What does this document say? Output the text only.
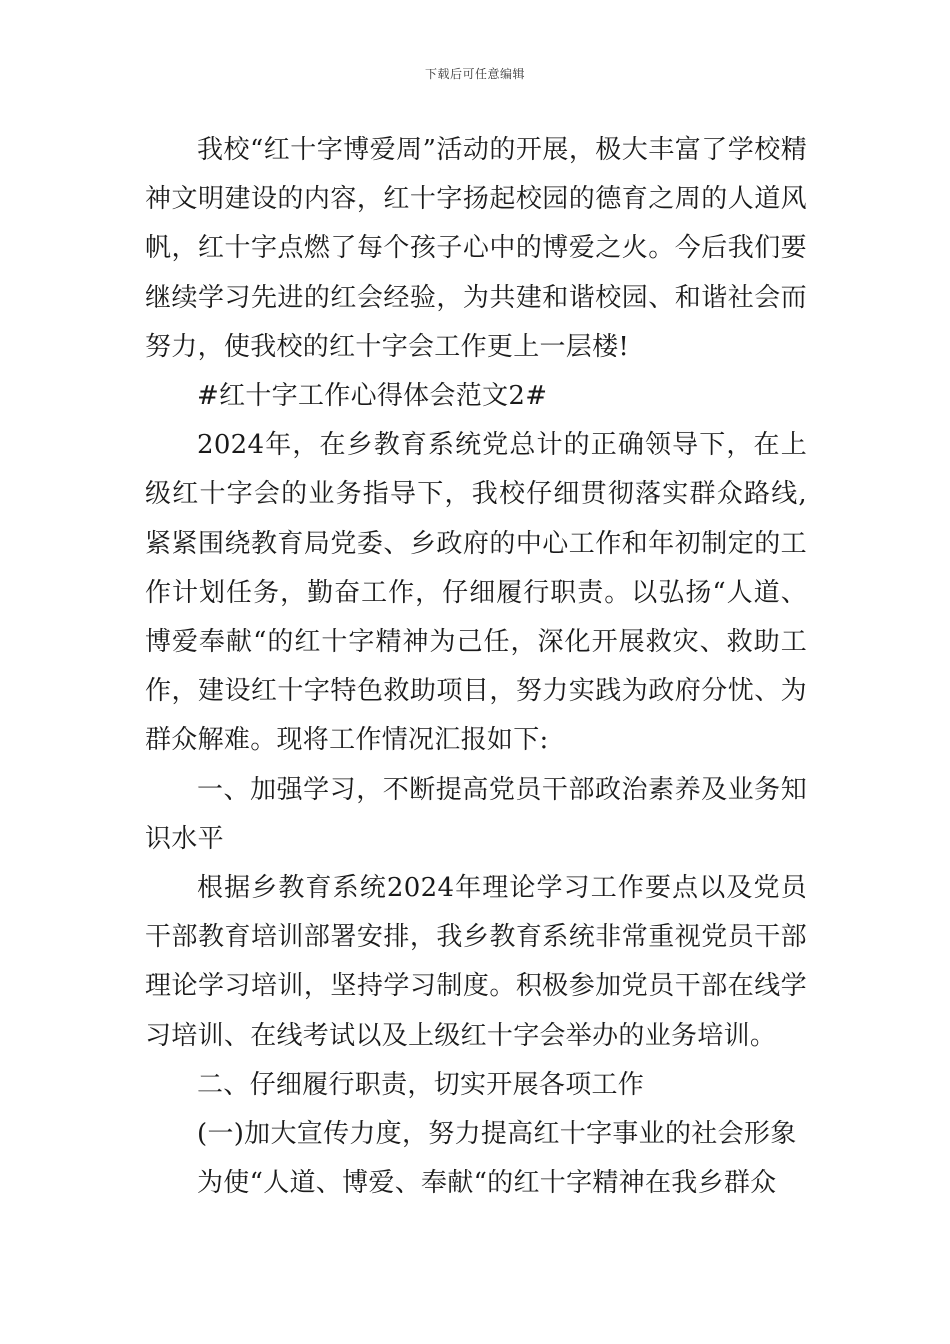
下载后可任意编辑

我校“红十字博爱周”活动的开展，极大丰富了学校精神文明建设的内容，红十字扬起校园的德育之周的人道风帆，红十字点燃了每个孩子心中的博爱之火。今后我们要继续学习先进的红会经验，为共建和谐校园、和谐社会而努力，使我校的红十字会工作更上一层楼!

#红十字工作心得体会范文2#

2024年，在乡教育系统党总计的正确领导下，在上级红十字会的业务指导下，我校仔细贯彻落实群众路线,紧紧围绕教育局党委、乡政府的中心工作和年初制定的工作计划任务，勤奋工作，仔细履行职责。以弘扬“人道、博爱奉献“的红十字精神为己任，深化开展救灾、救助工作，建设红十字特色救助项目，努力实践为政府分忧、为群众解难。现将工作情况汇报如下:

一、加强学习，不断提高党员干部政治素养及业务知识水平

根据乡教育系统2024年理论学习工作要点以及党员干部教育培训部署安排，我乡教育系统非常重视党员干部理论学习培训，坚持学习制度。积极参加党员干部在线学习培训、在线考试以及上级红十字会举办的业务培训。

二、仔细履行职责，切实开展各项工作

(一)加大宣传力度，努力提高红十字事业的社会形象

为使“人道、博爱、奉献“的红十字精神在我乡群众
